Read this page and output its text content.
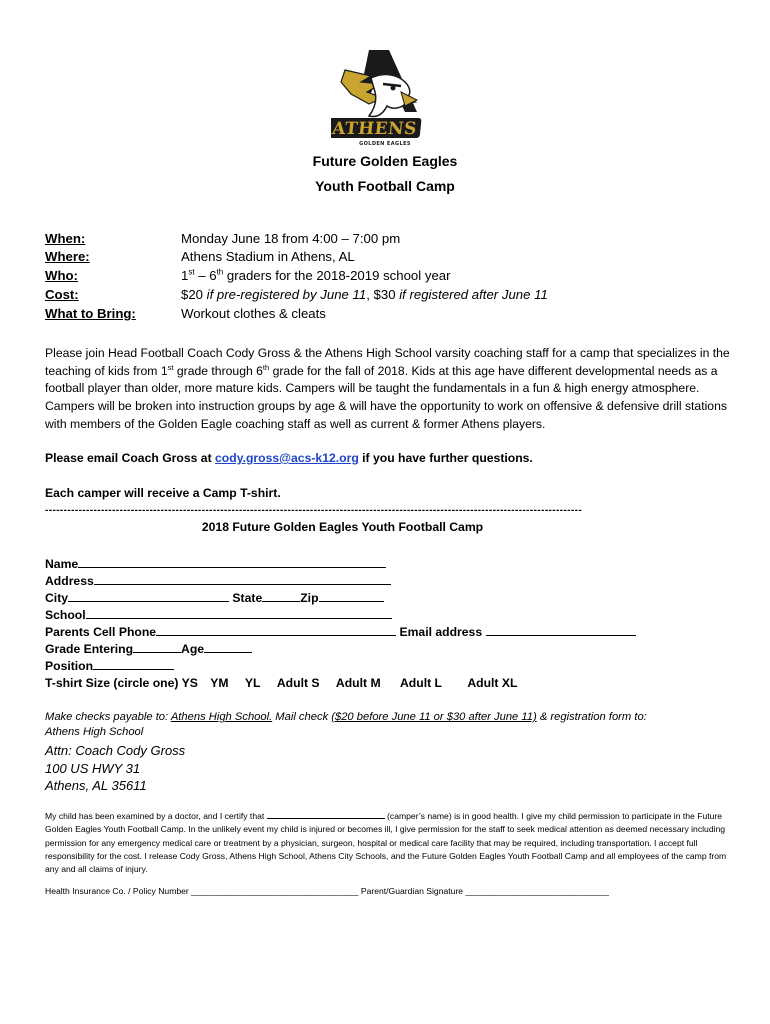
ATHENS
GOLDEN EAGLES
Future Golden Eagles
Youth Football Camp
When:	Monday June 18 from 4:00 – 7:00 pm
Where:	Athens Stadium in Athens, AL
Who:	1st – 6th graders for the 2018-2019 school year
Cost:	$20 if pre-registered by June 11, $30 if registered after June 11
What to Bring:	Workout clothes & cleats
Please join Head Football Coach Cody Gross & the Athens High School varsity coaching staff for a camp that specializes in the teaching of kids from 1st grade through 6th grade for the fall of 2018. Kids at this age have different developmental needs as a football player than older, more mature kids. Campers will be taught the fundamentals in a fun & high energy atmosphere. Campers will be broken into instruction groups by age & will have the opportunity to work on offensive & defensive drill stations with members of the Golden Eagle coaching staff as well as current & former Athens players.
Please email Coach Gross at cody.gross@acs-k12.org if you have further questions.
Each camper will receive a Camp T-shirt.
------------------------------------------------------------------------------------------------------------------------------------------------
2018 Future Golden Eagles Youth Football Camp
Name
Address
City	State	Zip
School
Parents Cell Phone	Email address
Grade Entering	Age
Position
T-shirt Size (circle one) YS YM YL Adult S Adult M Adult L Adult XL
Make checks payable to: Athens High School. Mail check ($20 before June 11 or $30 after June 11) & registration form to:
Athens High School
Attn: Coach Cody Gross
100 US HWY 31
Athens, AL 35611
My child has been examined by a doctor, and I certify that	(camper’s name) is in good health. I give my child permission to participate in the Future Golden Eagles Youth Football Camp. In the unlikely event my child is injured or becomes ill, I give permission for the staff to seek medical attention as deemed necessary including permission for any emergency medical care or treatment by a physician, surgeon, hospital or medical care facility that may be required, including transportation. I accept full responsibility for the cost. I release Cody Gross, Athens High School, Athens City Schools, and the Future Golden Eagles Youth Football Camp and all employees of the camp from any and all claims of injury.
Health Insurance Co. / Policy Number ___________________________________ Parent/Guardian Signature ______________________________
